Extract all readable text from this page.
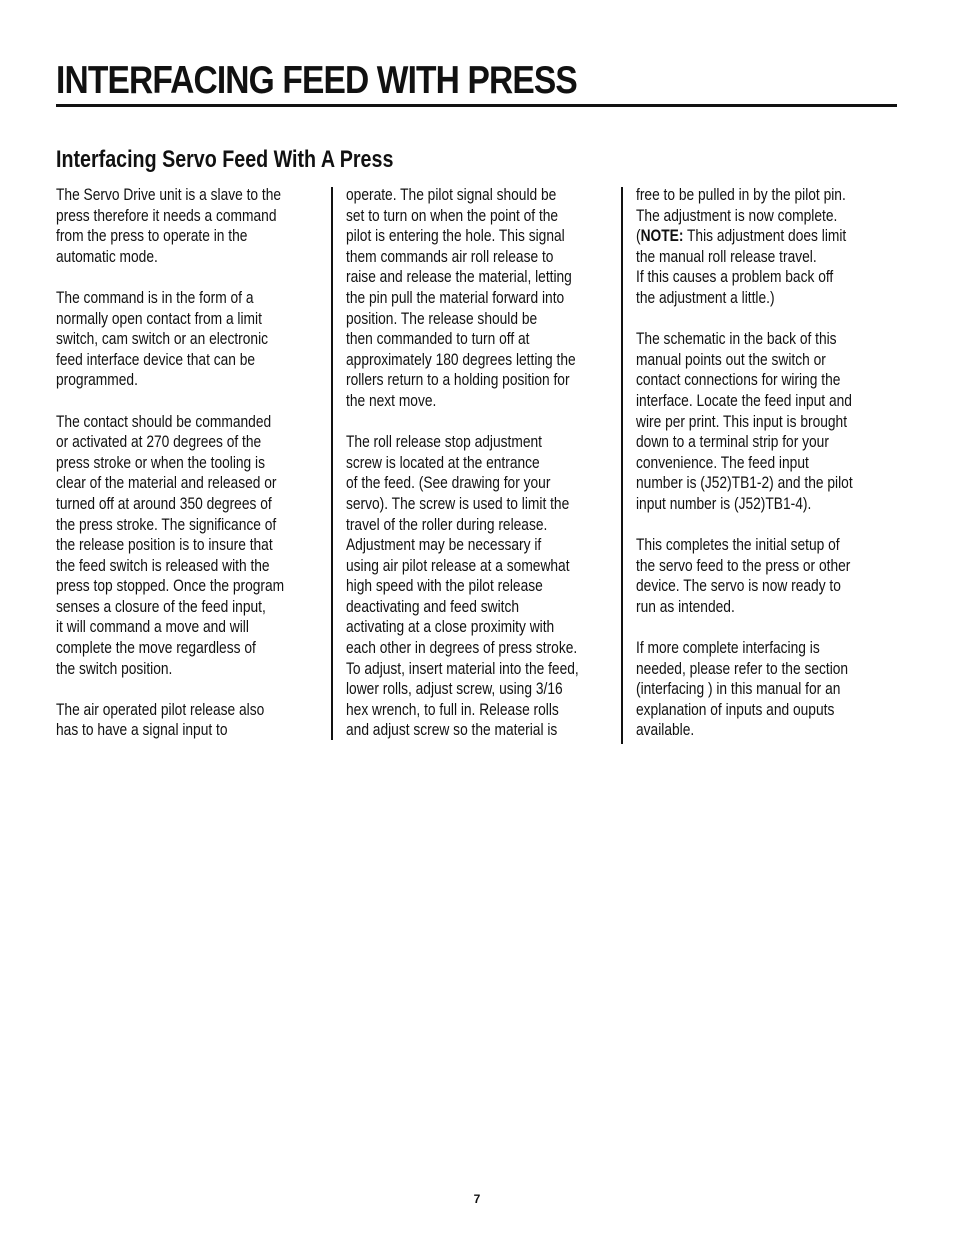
INTERFACING FEED WITH PRESS
Interfacing Servo Feed With A Press
The Servo Drive unit is a slave to the
press therefore it needs a command
from the press to operate in the
automatic mode.
The command is in the form of a
normally open contact from a limit
switch, cam switch or an electronic
feed interface device that can be
programmed.
The contact should be commanded
or activated at 270 degrees of the
press stroke or when the tooling is
clear of the material and released or
turned off at around 350 degrees of
the press stroke. The significance of
the release position is to insure that
the feed switch is released with the
press top stopped. Once the program
senses a closure of the feed input,
it will command a move and will
complete the move regardless of
the switch position.
The air operated pilot release also
has to have a signal input to
operate. The pilot signal should be
set to turn on when the point of the
pilot is entering the hole. This signal
them commands air roll release to
raise and release the material, letting
the pin pull the material forward into
position. The release should be
then commanded to turn off at
approximately 180 degrees letting the
rollers return to a holding position for
the next move.
The roll release stop adjustment
screw is located at the entrance
of the feed. (See drawing for your
servo). The screw is used to limit the
travel of the roller during release.
Adjustment may be necessary if
using air pilot release at a somewhat
high speed with the pilot release
deactivating and feed switch
activating at a close proximity with
each other in degrees of press stroke.
To adjust, insert material into the feed,
lower rolls, adjust screw, using 3/16
hex wrench, to full in. Release rolls
and adjust screw so the material is
free to be pulled in by the pilot pin.
The adjustment is now complete.
(NOTE: This adjustment does limit
the manual roll release travel.
If this causes a problem back off
the adjustment a little.)
The schematic in the back of this
manual points out the switch or
contact connections for wiring the
interface. Locate the feed input and
wire per print. This input is brought
down to a terminal strip for your
convenience. The feed input
number is (J52)TB1-2) and the pilot
input number is (J52)TB1-4).
This completes the initial setup of
the servo feed to the press or other
device. The servo is now ready to
run as intended.
If more complete interfacing is
needed, please refer to the section
(interfacing ) in this manual for an
explanation of inputs and ouputs
available.
7
